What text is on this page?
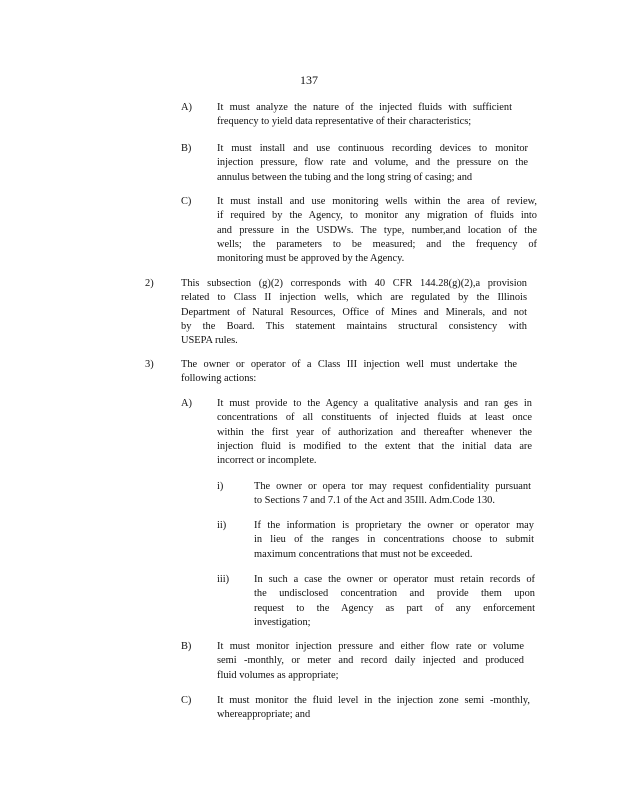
137
A) It must analyze the nature of the injected fluids with sufficient
frequency to yield data representative of their characteristics;
B) It must install and use continuous recording devices to monitor
injection pressure, flow rate and volume, and the pressure on the
annulus between the tubing and the long string of casing; and
C) It must install and use monitoring wells within the area of review,
if required by the Agency, to monitor any migration of fluids into
and pressure in the USDWs. The type, number,and location of the
wells; the parameters to be measured; and the frequency of
monitoring must be approved by the Agency.
2)	This subsection (g)(2) corresponds with 40 CFR 144.28(g)(2),a provision
related to Class II injection wells, which are regulated by the Illinois
Department of Natural Resources, Office of Mines and Minerals, and not
by the Board. This statement maintains structural consistency with
USEPA rules.
3)	The owner or operator of a Class III injection well must undertake the
following actions:
A) It must provide to the Agency a qualitative analysis and ran ges in
concentrations of all constituents of injected fluids at least once
within the first year of authorization and thereafter whenever the
injection fluid is modified to the extent that the initial data are
incorrect or incomplete.
i)	The owner or opera tor may request confidentiality pursuant
to Sections 7 and 7.1 of the Act and 35Ill. Adm.Code 130.
ii)	If the information is proprietary the owner or operator may
in lieu of the ranges in concentrations choose to submit
maximum concentrations that must not be exceeded.
iii) In such a case the owner or operator must retain records of
the undisclosed concentration and provide them upon
request to the Agency as part of any enforcement
investigation;
B) It must monitor injection pressure and either flow rate or volume
semi -monthly, or meter and record daily injected and produced
fluid volumes as appropriate;
C) It must monitor the fluid level in the injection zone semi -monthly,
whereappropriate; and
